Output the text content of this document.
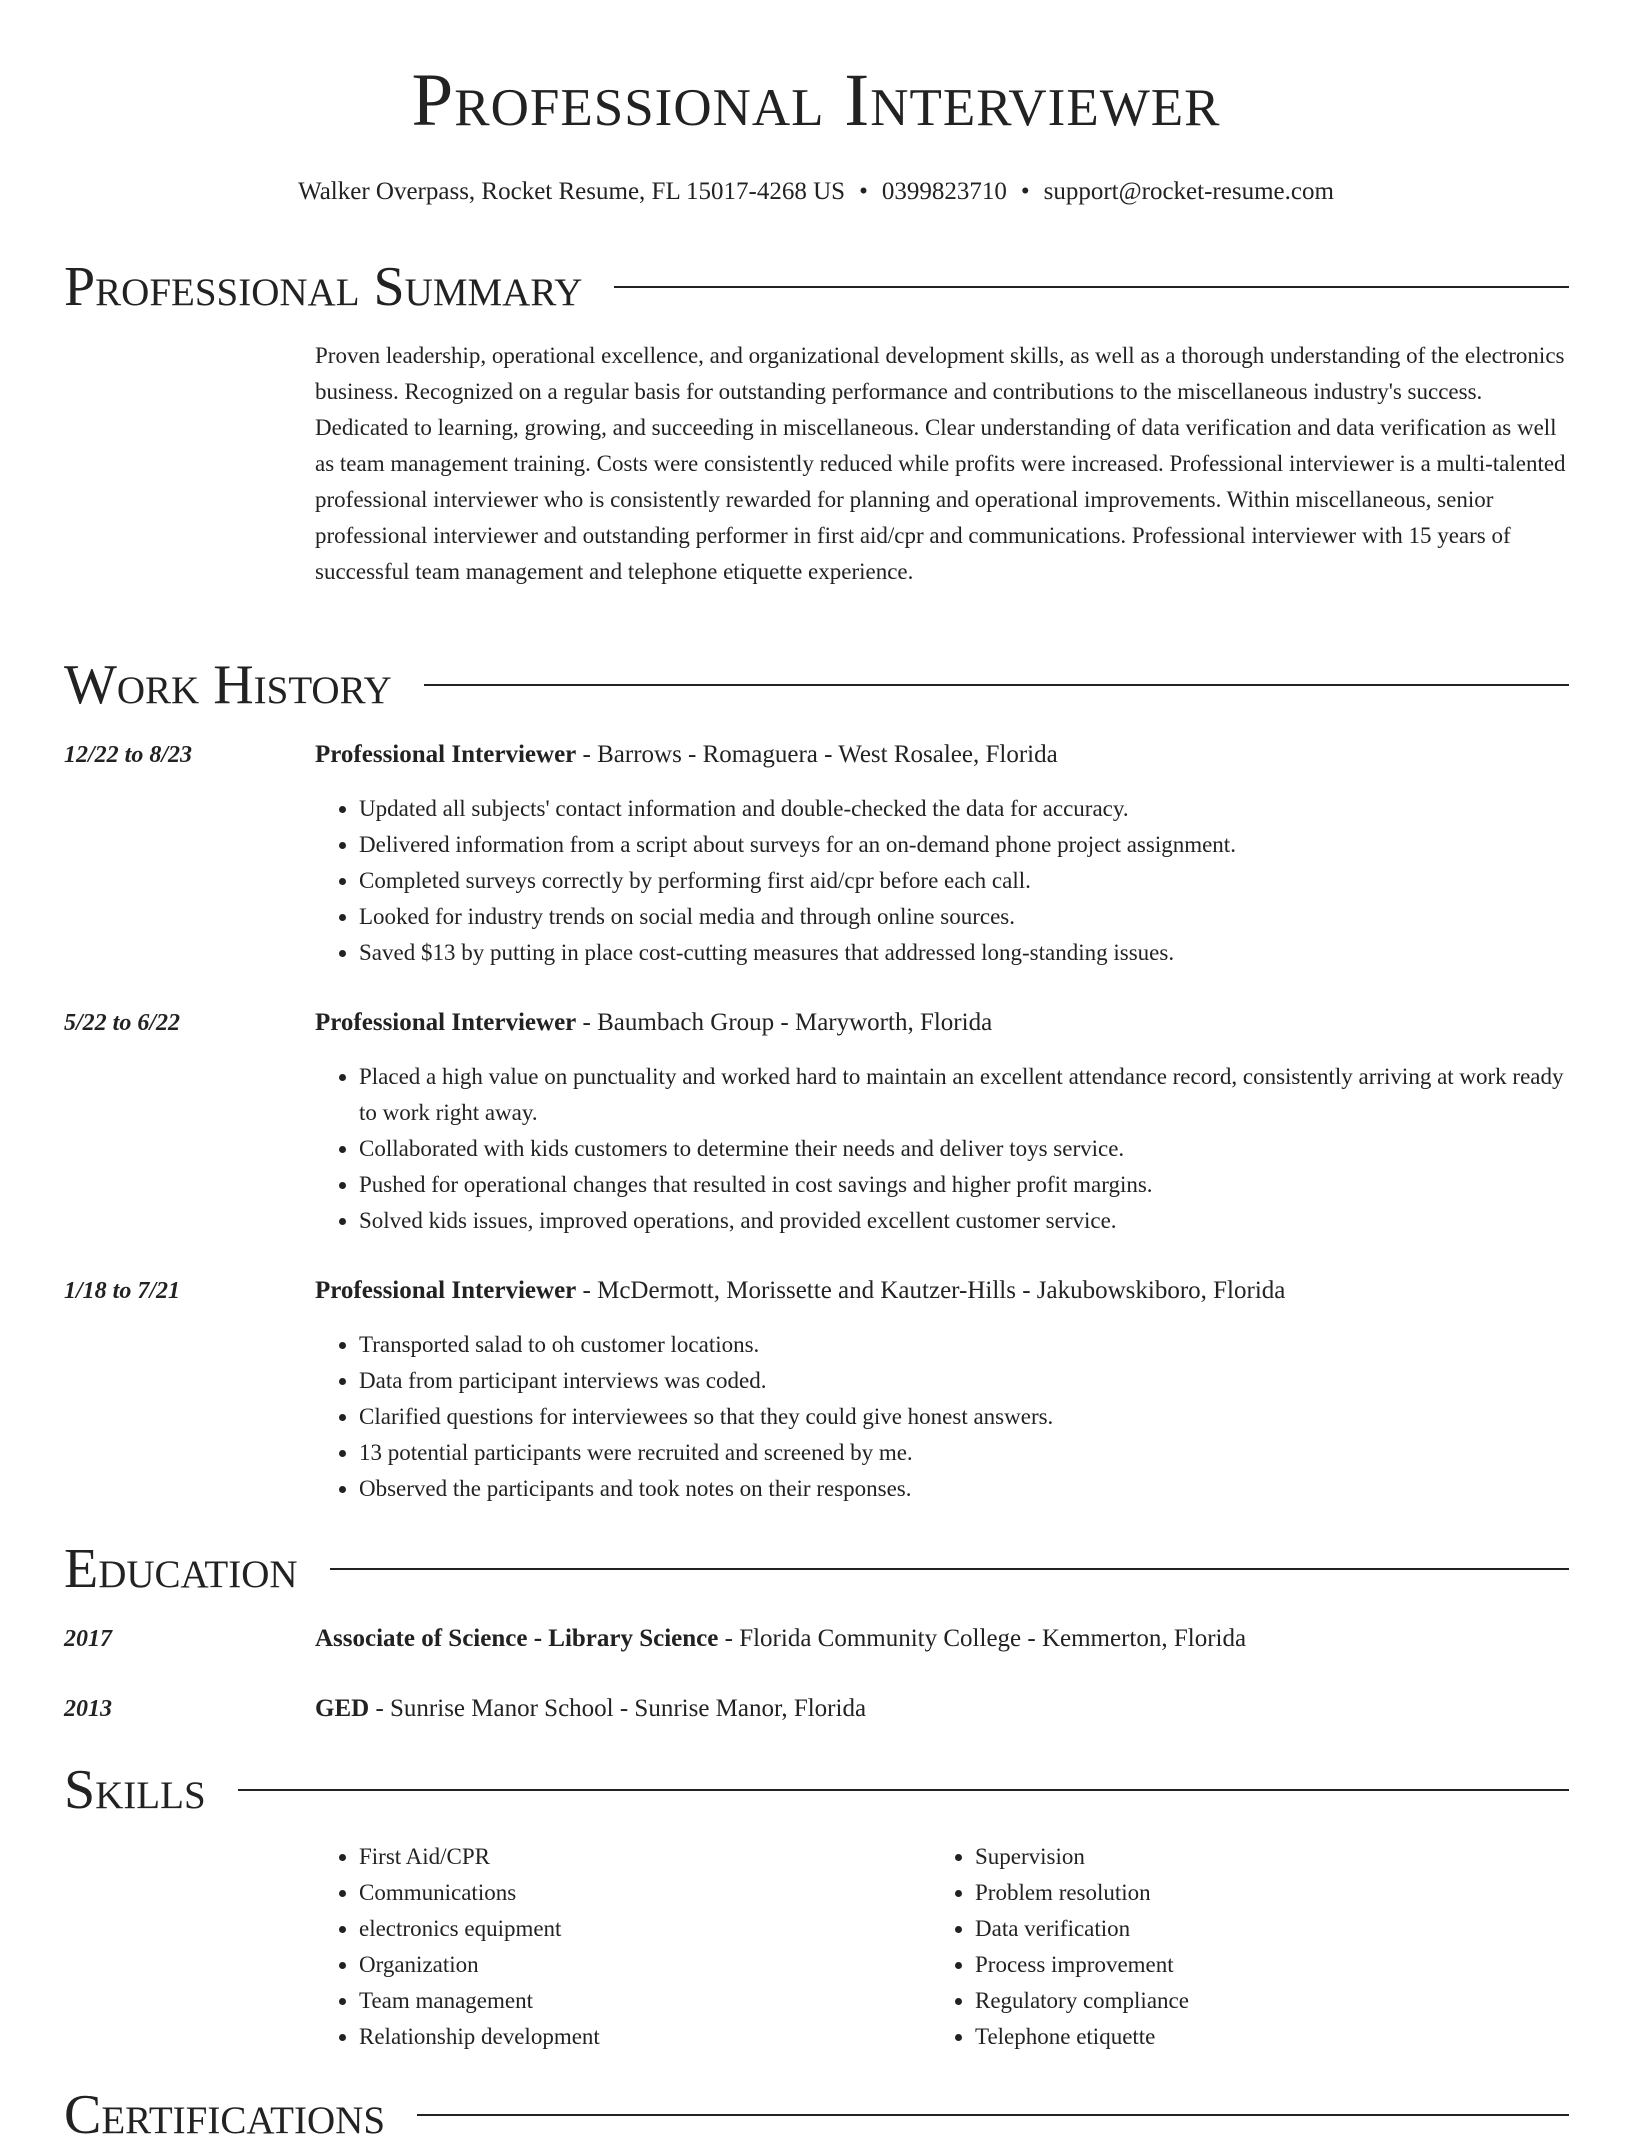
Professional Interviewer
Walker Overpass, Rocket Resume, FL 15017-4268 US • 0399823710 • support@rocket-resume.com
Professional Summary
Proven leadership, operational excellence, and organizational development skills, as well as a thorough understanding of the electronics business. Recognized on a regular basis for outstanding performance and contributions to the miscellaneous industry's success. Dedicated to learning, growing, and succeeding in miscellaneous. Clear understanding of data verification and data verification as well as team management training. Costs were consistently reduced while profits were increased. Professional interviewer is a multi-talented professional interviewer who is consistently rewarded for planning and operational improvements. Within miscellaneous, senior professional interviewer and outstanding performer in first aid/cpr and communications. Professional interviewer with 15 years of successful team management and telephone etiquette experience.
Work History
12/22 to 8/23	Professional Interviewer - Barrows - Romaguera - West Rosalee, Florida
• Updated all subjects' contact information and double-checked the data for accuracy.
• Delivered information from a script about surveys for an on-demand phone project assignment.
• Completed surveys correctly by performing first aid/cpr before each call.
• Looked for industry trends on social media and through online sources.
• Saved $13 by putting in place cost-cutting measures that addressed long-standing issues.
5/22 to 6/22	Professional Interviewer - Baumbach Group - Maryworth, Florida
• Placed a high value on punctuality and worked hard to maintain an excellent attendance record, consistently arriving at work ready to work right away.
• Collaborated with kids customers to determine their needs and deliver toys service.
• Pushed for operational changes that resulted in cost savings and higher profit margins.
• Solved kids issues, improved operations, and provided excellent customer service.
1/18 to 7/21	Professional Interviewer - McDermott, Morissette and Kautzer-Hills - Jakubowskiboro, Florida
• Transported salad to oh customer locations.
• Data from participant interviews was coded.
• Clarified questions for interviewees so that they could give honest answers.
• 13 potential participants were recruited and screened by me.
• Observed the participants and took notes on their responses.
Education
2017	Associate of Science - Library Science - Florida Community College - Kemmerton, Florida
2013	GED - Sunrise Manor School - Sunrise Manor, Florida
Skills
• First Aid/CPR
• Communications
• electronics equipment
• Organization
• Team management
• Relationship development
• Supervision
• Problem resolution
• Data verification
• Process improvement
• Regulatory compliance
• Telephone etiquette
Certifications
